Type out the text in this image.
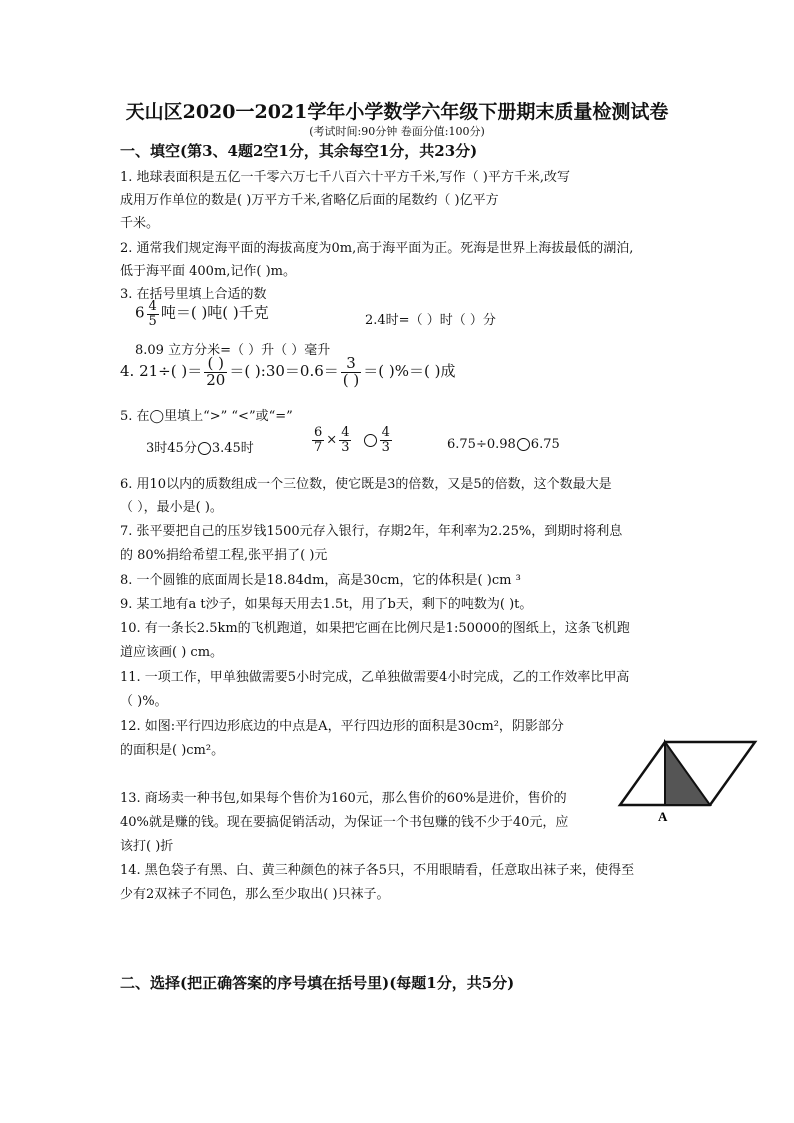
天山区2020一2021学年小学数学六年级下册期末质量检测试卷
(考试时间:90分钟 卷面分值:100分)
一、填空(第3、4题2空1分，其余每空1分，共23分)
1. 地球表面积是五亿一千零六万七千八百六十平方千米,写作（ )平方千米,改写
成用万作单位的数是( )万平方千米,省略亿后面的尾数约（ )亿平方
千米。
2. 通常我们规定海平面的海拔高度为0m,高于海平面为正。死海是世界上海拔最低的湖泊,
低于海平面 400m,记作( )m。
3. 在括号里填上合适的数
$6 \frac{4}{5}$ 吨＝( )吨( )千克	2.4时=（ ）时（ ）分
8.09 立方分米=（ ）升（ ）毫升
4. 21÷( )＝ $\frac{( )}{20}$ ＝( ):30＝0.6＝ $\frac{3}{( )}$ ＝( )%＝( )成
5. 在◯里填上“>” “<”或“=”
3时45分 3.45时	$\frac{6}{7} \times \frac{4}{3}$
$\frac{4}{3}$	6.75÷0.98 6.75
6. 用10以内的质数组成一个三位数，使它既是3的倍数，又是5的倍数，这个数最大是
（ ），最小是( )。
7. 张平要把自己的压岁钱1500元存入银行，存期2年，年利率为2.25%，到期时将利息
的 80%捐给希望工程,张平捐了( )元
8. 一个圆锥的底面周长是18.84dm，高是30cm，它的体积是( )cm ³
9. 某工地有a t沙子，如果每天用去1.5t，用了b天，剩下的吨数为( )t。
10. 有一条长2.5km的飞机跑道，如果把它画在比例尺是1:50000的图纸上，这条飞机跑
道应该画( ) cm。
11. 一项工作，甲单独做需要5小时完成，乙单独做需要4小时完成，乙的工作效率比甲高
（ )%。
12. 如图:平行四边形底边的中点是A，平行四边形的面积是30cm²，阴影部分
的面积是( )cm²。
A
13. 商场卖一种书包,如果每个售价为160元，那么售价的60%是进价，售价的
40%就是赚的钱。现在要搞促销活动，为保证一个书包赚的钱不少于40元，应
该打( )折
14. 黑色袋子有黑、白、黄三种颜色的袜子各5只，不用眼睛看，任意取出袜子来，使得至
少有2双袜子不同色，那么至少取出( )只袜子。
二、选择(把正确答案的序号填在括号里)(每题1分，共5分)
